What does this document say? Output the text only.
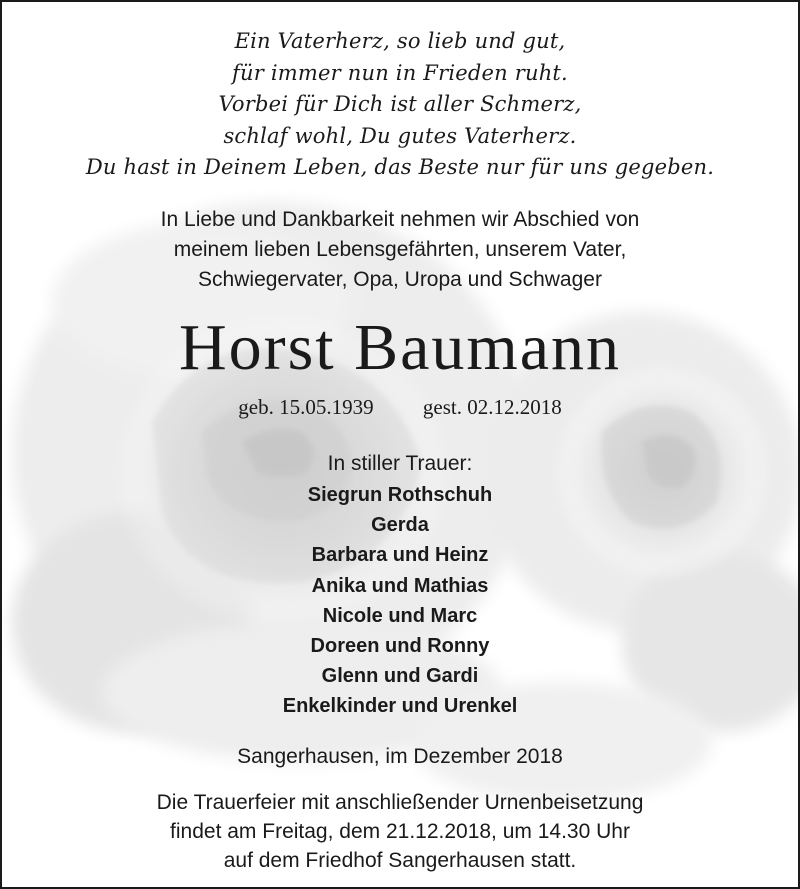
Ein Vaterherz, so lieb und gut,
für immer nun in Frieden ruht.
Vorbei für Dich ist aller Schmerz,
schlaf wohl, Du gutes Vaterherz.
Du hast in Deinem Leben, das Beste nur für uns gegeben.
In Liebe und Dankbarkeit nehmen wir Abschied von
meinem lieben Lebensgefährten, unserem Vater,
Schwiegervater, Opa, Uropa und Schwager
Horst Baumann
geb. 15.05.1939 gest. 02.12.2018
In stiller Trauer:
Siegrun Rothschuh
Gerda
Barbara und Heinz
Anika und Mathias
Nicole und Marc
Doreen und Ronny
Glenn und Gardi
Enkelkinder und Urenkel
Sangerhausen, im Dezember 2018
Die Trauerfeier mit anschließender Urnenbeisetzung
findet am Freitag, dem 21.12.2018, um 14.30 Uhr
auf dem Friedhof Sangerhausen statt.
